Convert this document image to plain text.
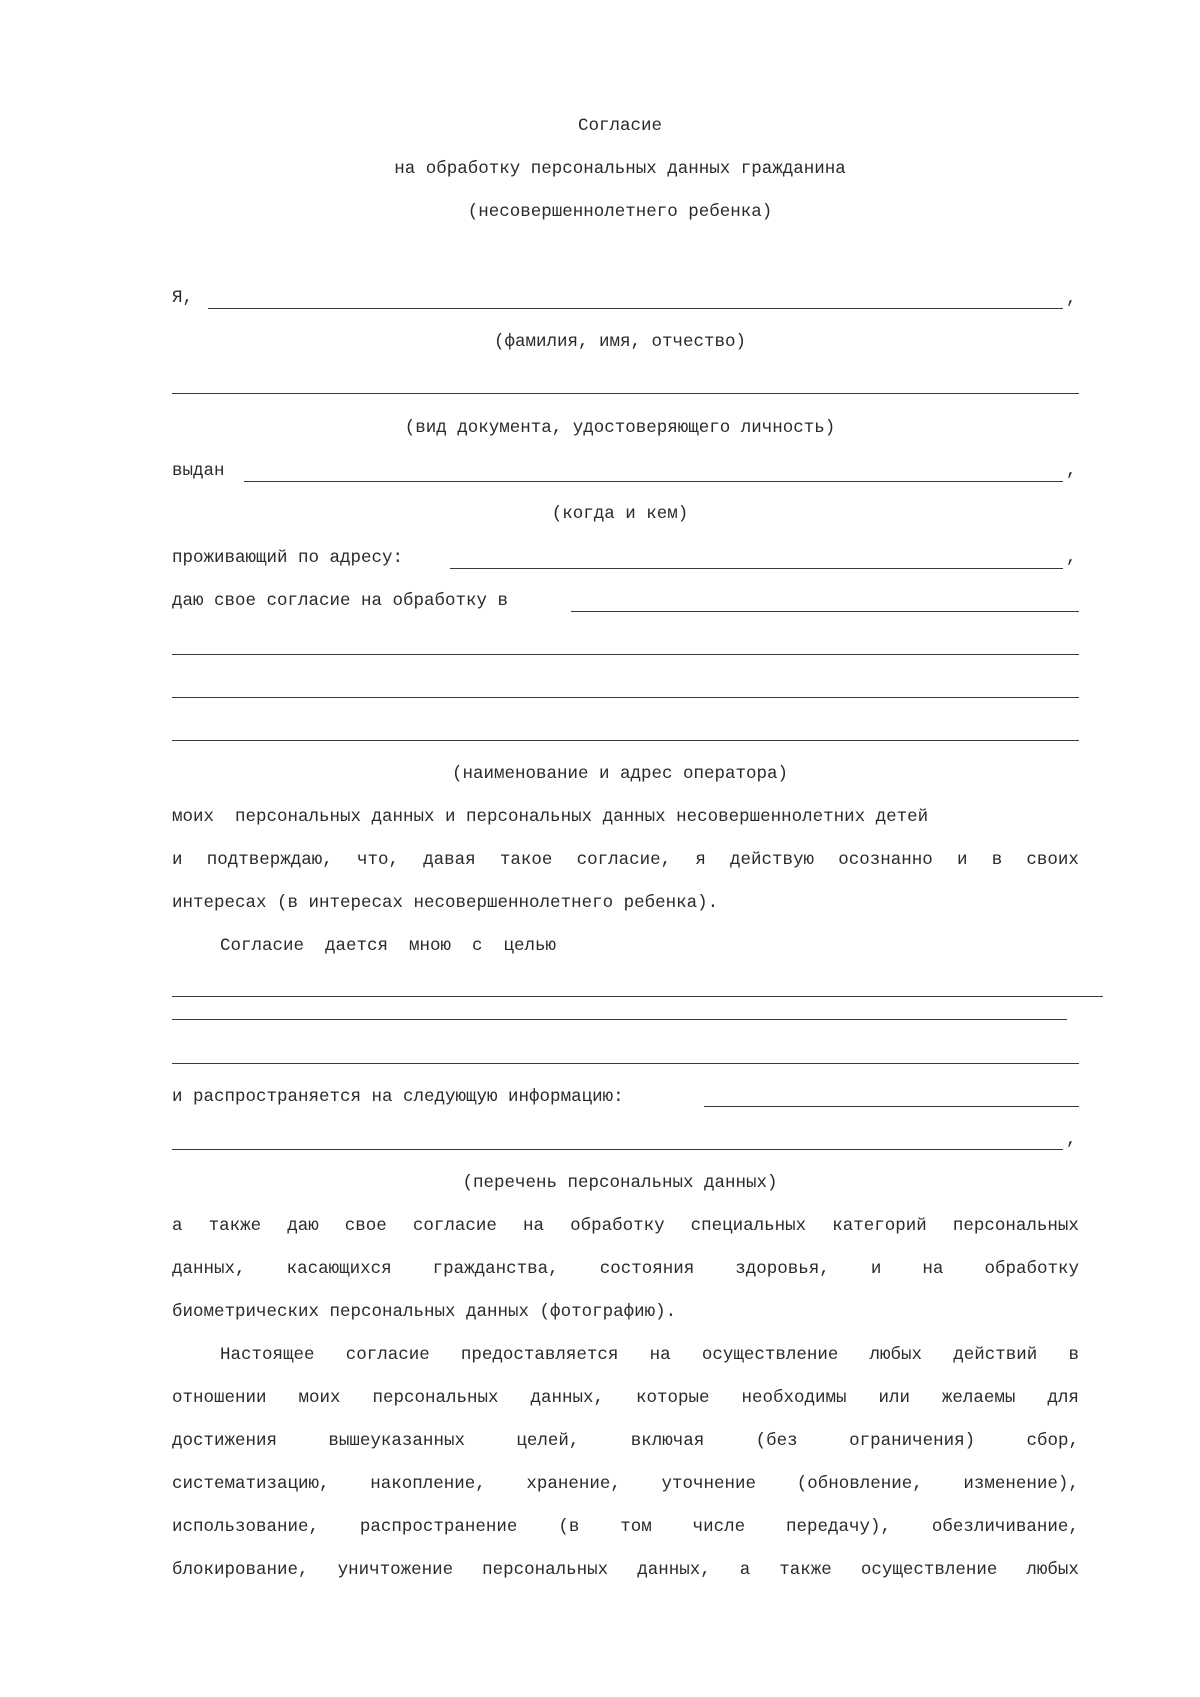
Согласие
на обработку персональных данных гражданина
(несовершеннолетнего ребенка)
Я,	,
(фамилия, имя, отчество)
(вид документа, удостоверяющего личность)
выдан	,
(когда и кем)
проживающий по адресу:	,
даю свое согласие на обработку в
(наименование и адрес оператора)
моих  персональных данных и персональных данных несовершеннолетних детей
и подтверждаю, что, давая такое согласие, я действую осознанно и в своих
интересах (в интересах несовершеннолетнего ребенка).
Согласие  дается  мною  с  целью
и распространяется на следующую информацию:
,
(перечень персональных данных)
а также даю свое согласие на обработку специальных категорий персональных
данных, касающихся гражданства, состояния здоровья, и на обработку
биометрических персональных данных (фотографию).
Настоящее согласие предоставляется на осуществление любых действий в
отношении моих персональных данных, которые необходимы или желаемы для
достижения	вышеуказанных	целей,	включая	(без	ограничения)	сбор,
систематизацию, накопление, хранение, уточнение (обновление, изменение),
использование, распространение (в том числе передачу), обезличивание,
блокирование, уничтожение персональных данных, а также осуществление любых
